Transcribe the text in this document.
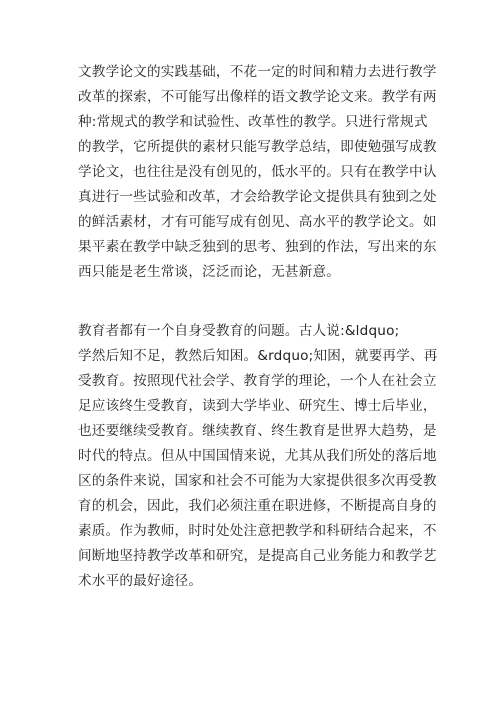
文教学论文的实践基础，不花一定的时间和精力去进行教学
改革的探索，不可能写出像样的语文教学论文来。教学有两
种:常规式的教学和试验性、改革性的教学。只进行常规式
的教学，它所提供的素材只能写教学总结，即使勉强写成教
学论文，也往往是没有创见的，低水平的。只有在教学中认
真进行一些试验和改革，才会给教学论文提供具有独到之处
的鲜活素材，才有可能写成有创见、高水平的教学论文。如
果平素在教学中缺乏独到的思考、独到的作法，写出来的东
西只能是老生常谈，泛泛而论，无甚新意。
教育者都有一个自身受教育的问题。古人说:&ldquo;
学然后知不足，教然后知困。&rdquo;知困，就要再学、再
受教育。按照现代社会学、教育学的理论，一个人在社会立
足应该终生受教育，读到大学毕业、研究生、博士后毕业，
也还要继续受教育。继续教育、终生教育是世界大趋势，是
时代的特点。但从中国国情来说，尤其从我们所处的落后地
区的条件来说，国家和社会不可能为大家提供很多次再受教
育的机会，因此，我们必须注重在职进修，不断提高自身的
素质。作为教师，时时处处注意把教学和科研结合起来，不
间断地坚持教学改革和研究，是提高自己业务能力和教学艺
术水平的最好途径。
